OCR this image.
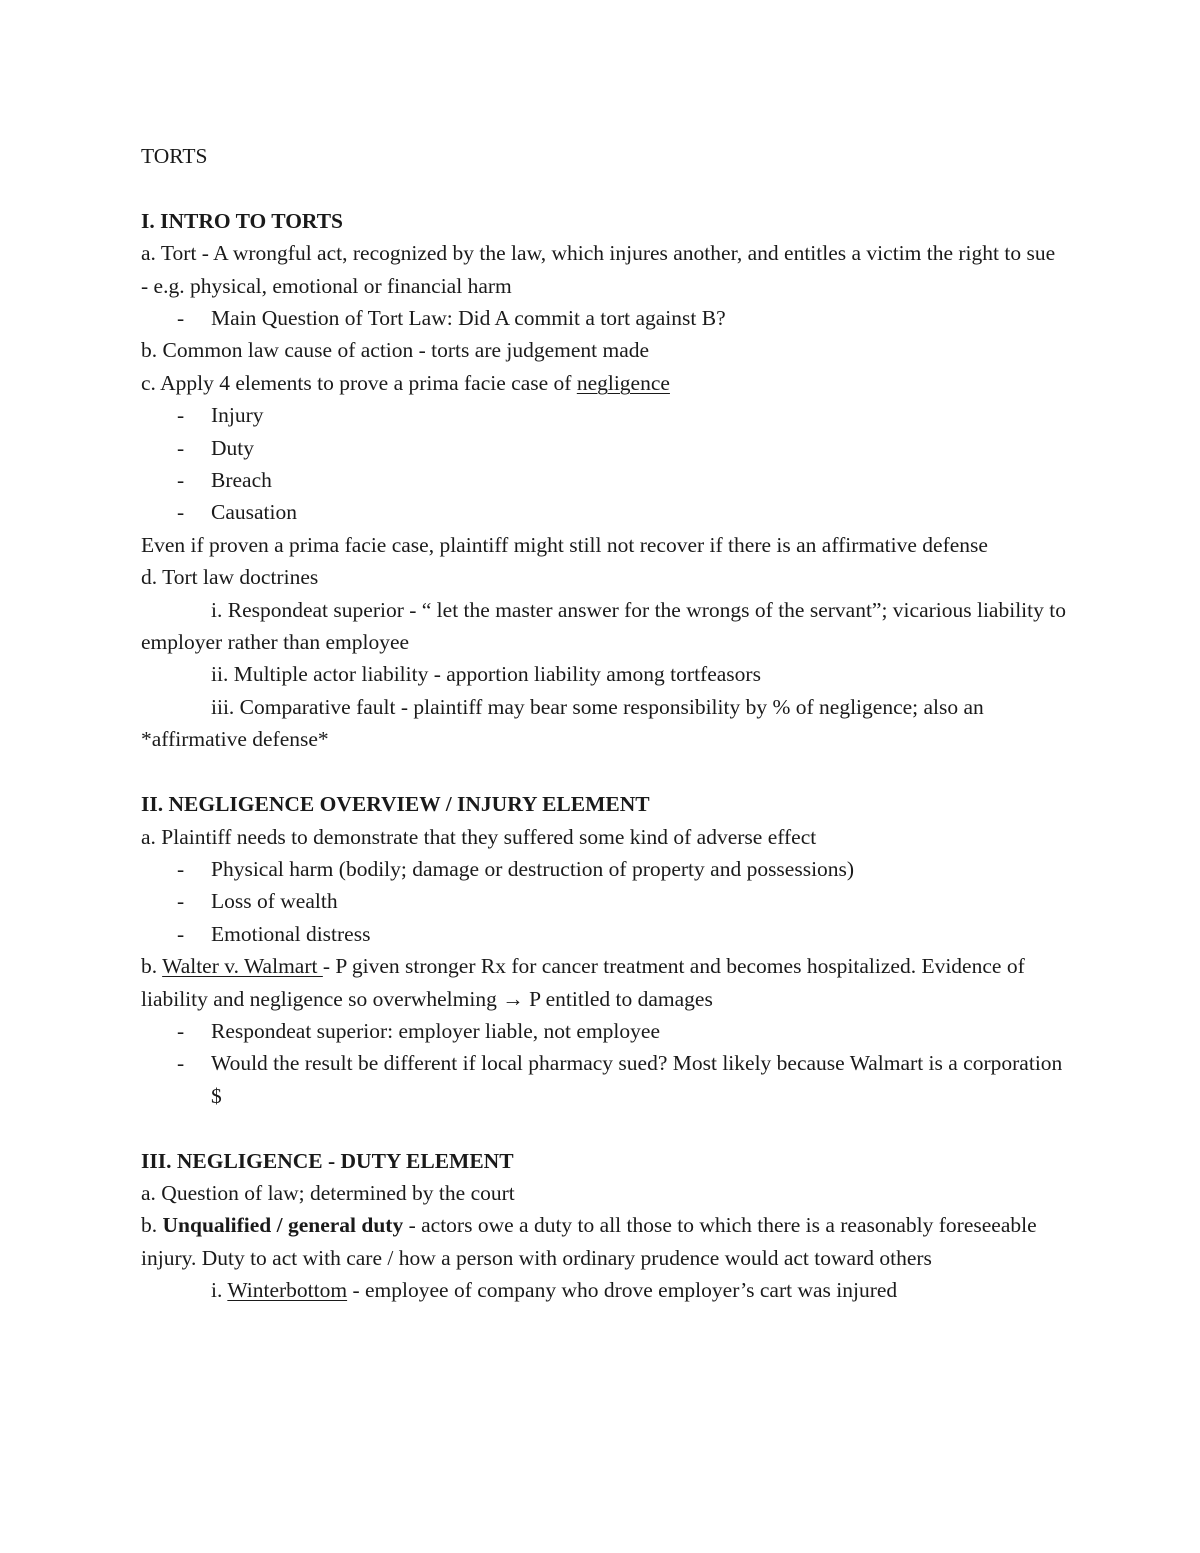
TORTS

I. INTRO TO TORTS

a. Tort - A wrongful act, recognized by the law, which injures another, and entitles a victim the right to sue - e.g. physical, emotional or financial harm

- Main Question of Tort Law: Did A commit a tort against B?

b. Common law cause of action - torts are judgement made

c. Apply 4 elements to prove a prima facie case of negligence

- Injury

- Duty

- Breach

- Causation

Even if proven a prima facie case, plaintiff might still not recover if there is an affirmative defense

d. Tort law doctrines

i. Respondeat superior - “ let the master answer for the wrongs of the servant”; vicarious liability to employer rather than employee

ii. Multiple actor liability - apportion liability among tortfeasors

iii. Comparative fault - plaintiff may bear some responsibility by % of negligence; also an *affirmative defense*

II. NEGLIGENCE OVERVIEW / INJURY ELEMENT

a. Plaintiff needs to demonstrate that they suffered some kind of adverse effect

- Physical harm (bodily; damage or destruction of property and possessions)

- Loss of wealth

- Emotional distress

b. Walter v. Walmart - P given stronger Rx for cancer treatment and becomes hospitalized. Evidence of liability and negligence so overwhelming → P entitled to damages

- Respondeat superior: employer liable, not employee

- Would the result be different if local pharmacy sued? Most likely because Walmart is a corporation $

III. NEGLIGENCE - DUTY ELEMENT

a. Question of law; determined by the court

b. Unqualified / general duty - actors owe a duty to all those to which there is a reasonably foreseeable injury. Duty to act with care / how a person with ordinary prudence would act toward others

i. Winterbottom - employee of company who drove employer’s cart was injured
